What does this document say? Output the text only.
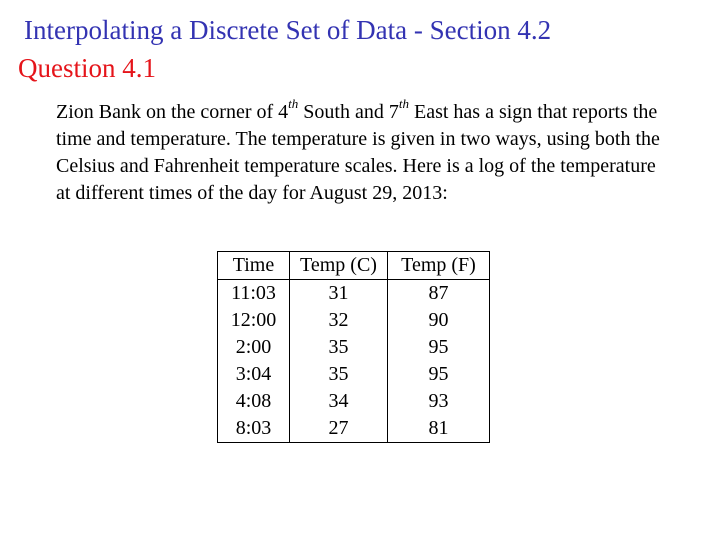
Interpolating a Discrete Set of Data - Section 4.2
Question 4.1
Zion Bank on the corner of 4th South and 7th East has a sign that reports the time and temperature. The temperature is given in two ways, using both the Celsius and Fahrenheit temperature scales. Here is a log of the temperature at different times of the day for August 29, 2013:
Time	Temp (C)	Temp (F)
11:03	31	87
12:00	32	90
2:00	35	95
3:04	35	95
4:08	34	93
8:03	27	81
